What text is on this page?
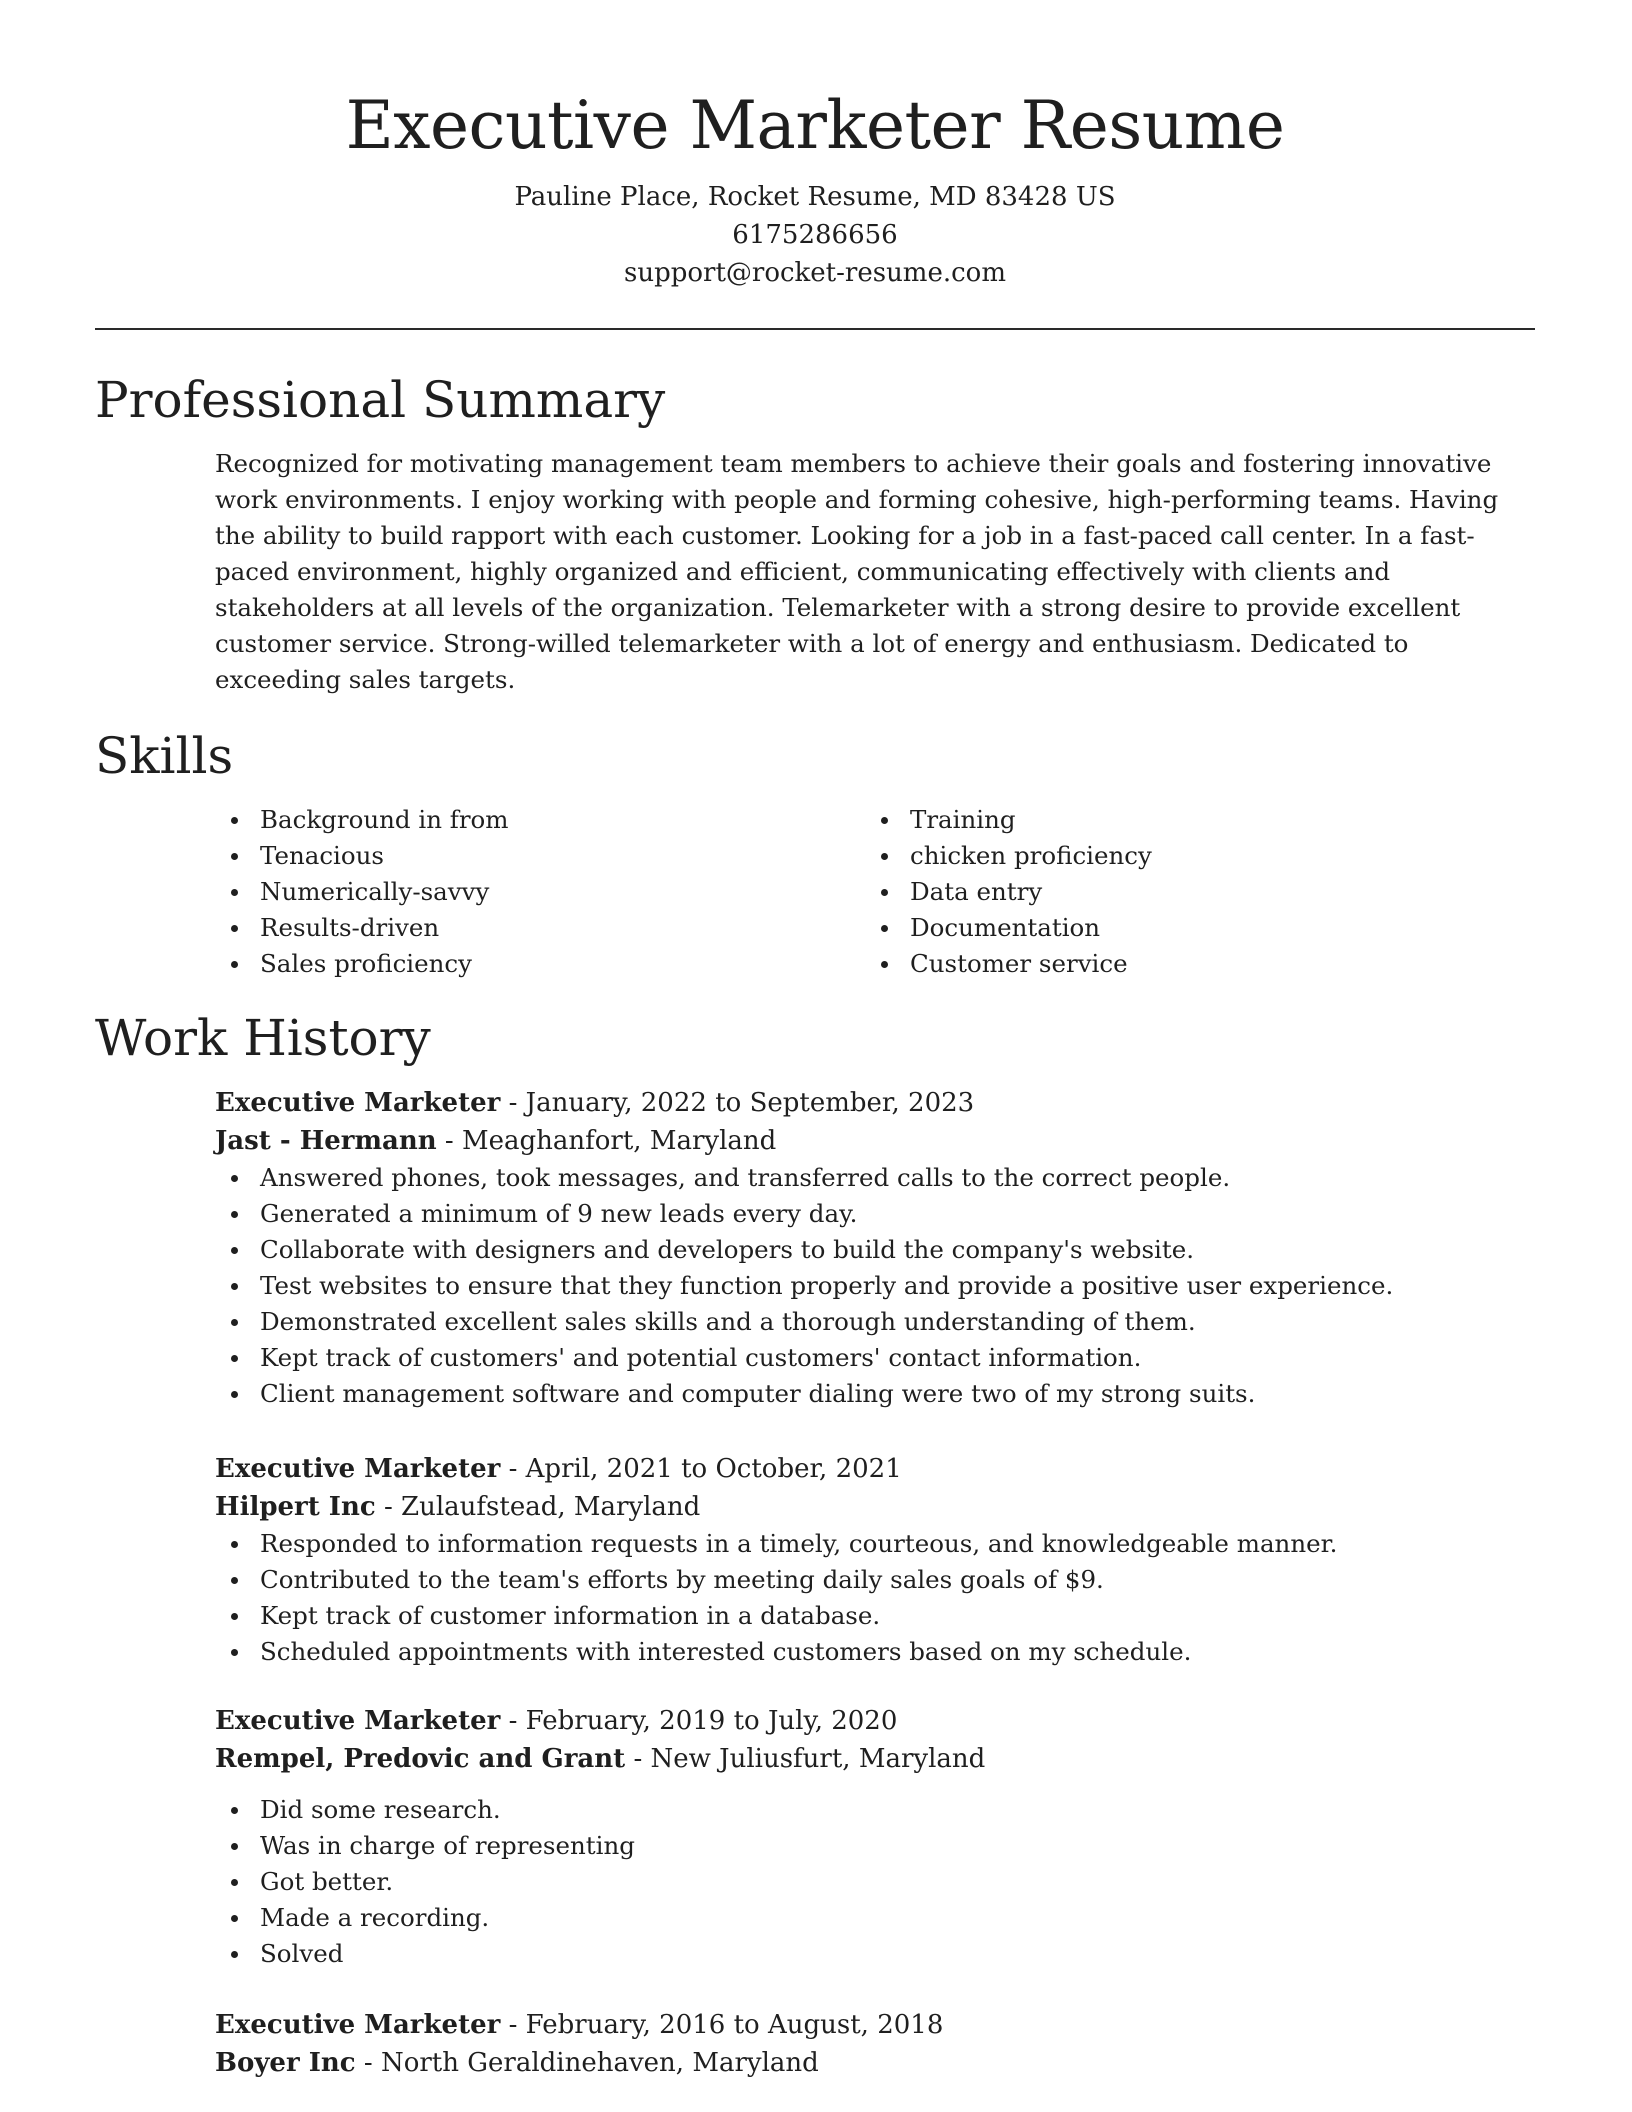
Executive Marketer Resume
Pauline Place, Rocket Resume, MD 83428 US
6175286656
support@rocket-resume.com
Professional Summary

Recognized for motivating management team members to achieve their goals and fostering innovative work environments. I enjoy working with people and forming cohesive, high-performing teams. Having the ability to build rapport with each customer. Looking for a job in a fast-paced call center. In a fast-paced environment, highly organized and efficient, communicating effectively with clients and stakeholders at all levels of the organization. Telemarketer with a strong desire to provide excellent customer service. Strong-willed telemarketer with a lot of energy and enthusiasm. Dedicated to exceeding sales targets.

Skills
Background in from
Tenacious
Numerically-savvy
Results-driven
Sales proficiency
Training
chicken proficiency
Data entry
Documentation
Customer service
Work History
Executive Marketer - January, 2022 to September, 2023
Jast - Hermann - Meaghanfort, Maryland
Answered phones, took messages, and transferred calls to the correct people.
Generated a minimum of 9 new leads every day.
Collaborate with designers and developers to build the company's website.
Test websites to ensure that they function properly and provide a positive user experience.
Demonstrated excellent sales skills and a thorough understanding of them.
Kept track of customers' and potential customers' contact information.
Client management software and computer dialing were two of my strong suits.
Executive Marketer - April, 2021 to October, 2021
Hilpert Inc - Zulaufstead, Maryland
Responded to information requests in a timely, courteous, and knowledgeable manner.
Contributed to the team's efforts by meeting daily sales goals of $9.
Kept track of customer information in a database.
Scheduled appointments with interested customers based on my schedule.
Executive Marketer - February, 2019 to July, 2020
Rempel, Predovic and Grant - New Juliusfurt, Maryland
Did some research.
Was in charge of representing
Got better.
Made a recording.
Solved
Executive Marketer - February, 2016 to August, 2018
Boyer Inc - North Geraldinehaven, Maryland
